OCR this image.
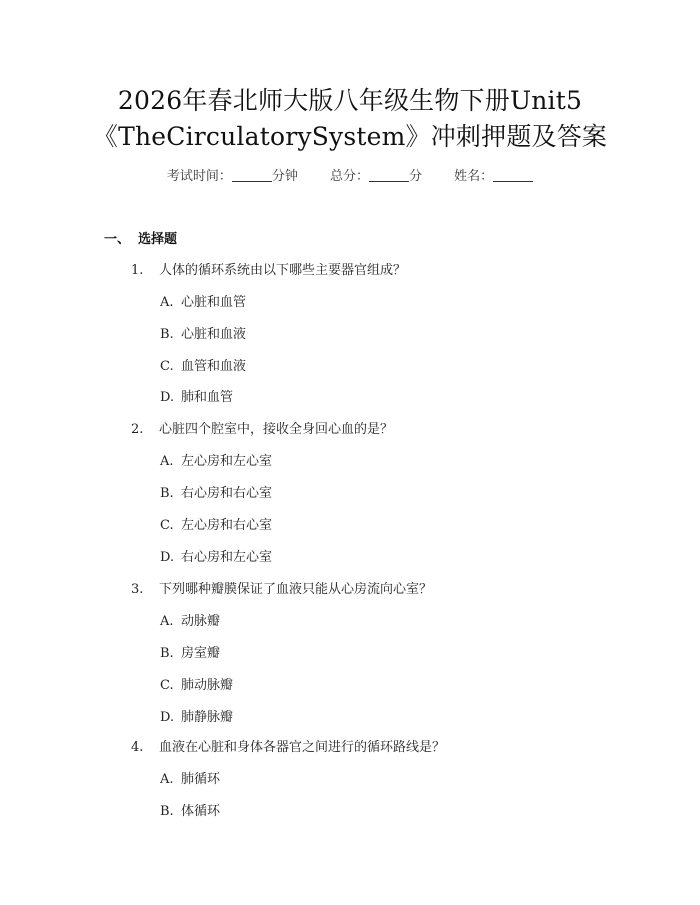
2026年春北师大版八年级生物下册Unit5
《TheCirculatorySystem》冲刺押题及答案
考试时间：	分钟 总分：	分 姓名：
一、 选择题
1. 人体的循环系统由以下哪些主要器官组成？
A. 心脏和血管
B. 心脏和血液
C. 血管和血液
D. 肺和血管
2. 心脏四个腔室中，接收全身回心血的是？
A. 左心房和左心室
B. 右心房和右心室
C. 左心房和右心室
D. 右心房和左心室
3. 下列哪种瓣膜保证了血液只能从心房流向心室？
A. 动脉瓣
B. 房室瓣
C. 肺动脉瓣
D. 肺静脉瓣
4. 血液在心脏和身体各器官之间进行的循环路线是？
A. 肺循环
B. 体循环
